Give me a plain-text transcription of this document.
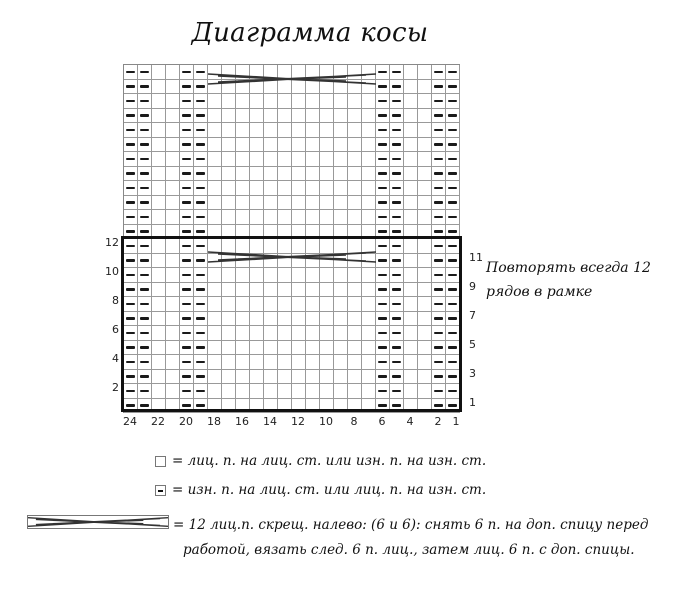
Диаграмма косы
12
10
8
6
4
2
11
9
7
5
3
1
24 22 20 18 16 14 12 10	8	6	4	2	1
Повторять всегда 12
рядов в рамке
= лиц. п. на лиц. ст. или изн. п. на изн. ст.
= изн. п. на лиц. ст. или лиц. п. на изн. ст.
= 12 лиц.п. скрещ. налево: (6 и 6): снять 6 п. на доп. спицу перед
работой, вязать след. 6 п. лиц., затем лиц. 6 п. с доп. спицы.
